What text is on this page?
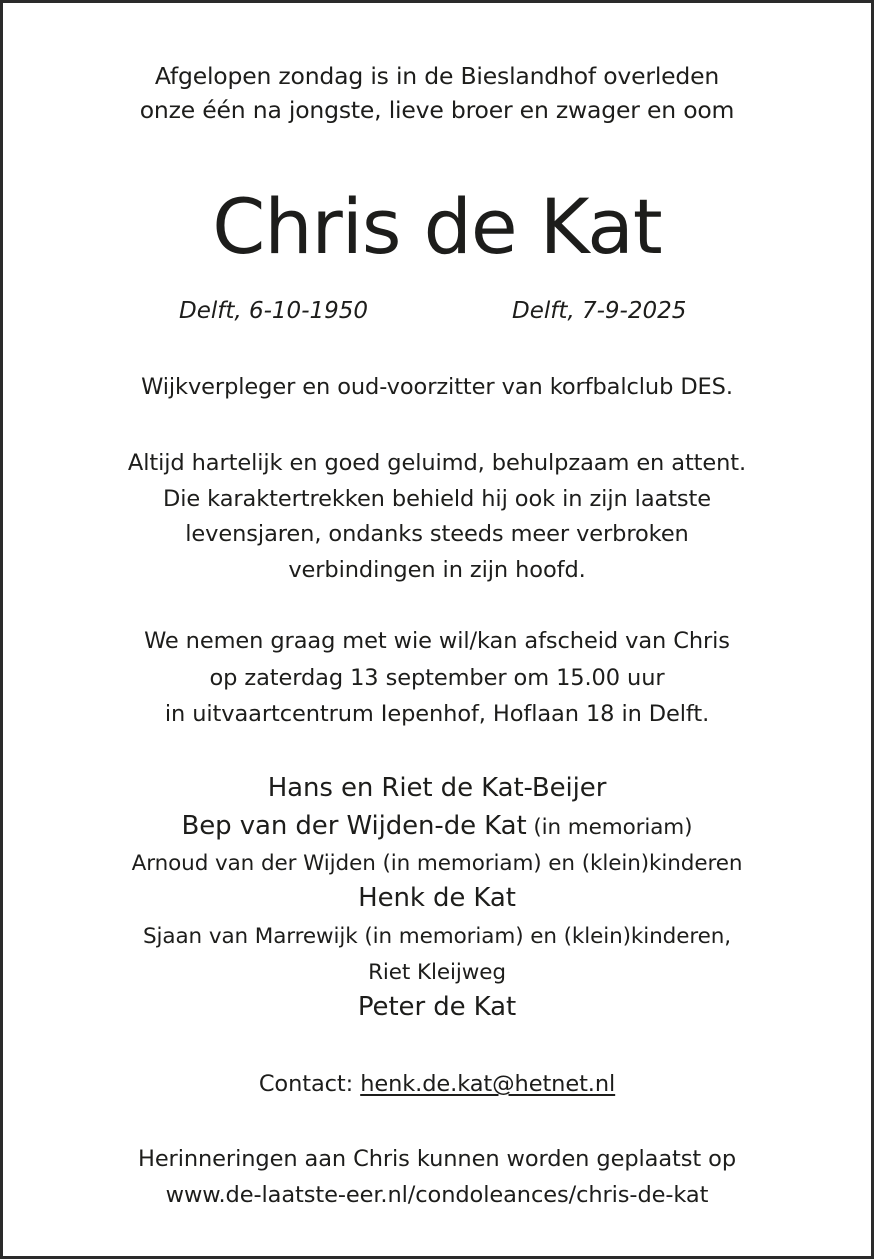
Afgelopen zondag is in de Bieslandhof overleden
onze één na jongste, lieve broer en zwager en oom
Chris de Kat
Delft, 6-10-1950	Delft, 7-9-2025
Wijkverpleger en oud-voorzitter van korfbalclub DES.
Altijd hartelijk en goed geluimd, behulpzaam en attent.
Die karaktertrekken behield hij ook in zijn laatste
levensjaren, ondanks steeds meer verbroken
verbindingen in zijn hoofd.
We nemen graag met wie wil/kan afscheid van Chris
op zaterdag 13 september om 15.00 uur
in uitvaartcentrum Iepenhof, Hoflaan 18 in Delft.
Hans en Riet de Kat-Beijer
Bep van der Wijden-de Kat (in memoriam)
Arnoud van der Wijden (in memoriam) en (klein)kinderen
Henk de Kat
Sjaan van Marrewijk (in memoriam) en (klein)kinderen,
Riet Kleijweg
Peter de Kat
Contact: henk.de.kat@hetnet.nl
Herinneringen aan Chris kunnen worden geplaatst op
www.de-laatste-eer.nl/condoleances/chris-de-kat
